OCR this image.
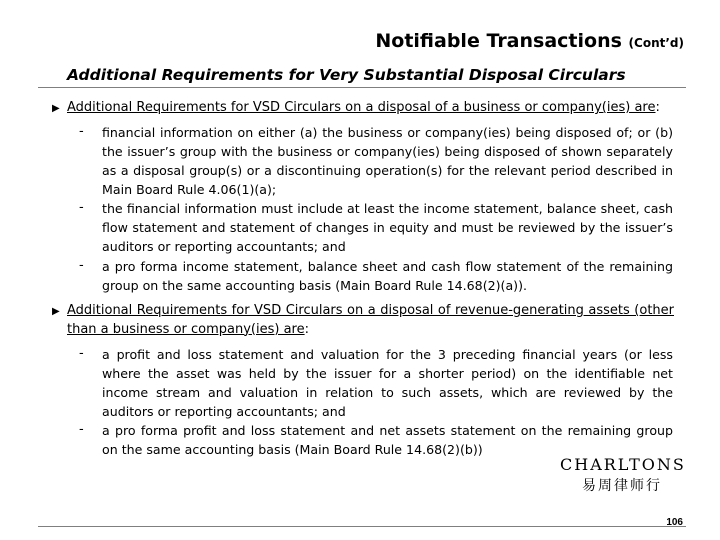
Notifiable Transactions (Cont’d)
Additional Requirements for Very Substantial Disposal Circulars
▶ Additional Requirements for VSD Circulars on a disposal of a business or company(ies) are:
- financial information on either (a) the business or company(ies) being disposed of; or (b) the issuer’s group with the business or company(ies) being disposed of shown separately as a disposal group(s) or a discontinuing operation(s) for the relevant period described in Main Board Rule 4.06(1)(a);
- the financial information must include at least the income statement, balance sheet, cash flow statement and statement of changes in equity and must be reviewed by the issuer’s auditors or reporting accountants; and
- a pro forma income statement, balance sheet and cash flow statement of the remaining group on the same accounting basis (Main Board Rule 14.68(2)(a)).
▶ Additional Requirements for VSD Circulars on a disposal of revenue-generating assets (other than a business or company(ies) are:
- a profit and loss statement and valuation for the 3 preceding financial years (or less where the asset was held by the issuer for a shorter period) on the identifiable net income stream and valuation in relation to such assets, which are reviewed by the auditors or reporting accountants; and
- a pro forma profit and loss statement and net assets statement on the remaining group on the same accounting basis (Main Board Rule 14.68(2)(b))
CHARLTONS
易周律师行
106
